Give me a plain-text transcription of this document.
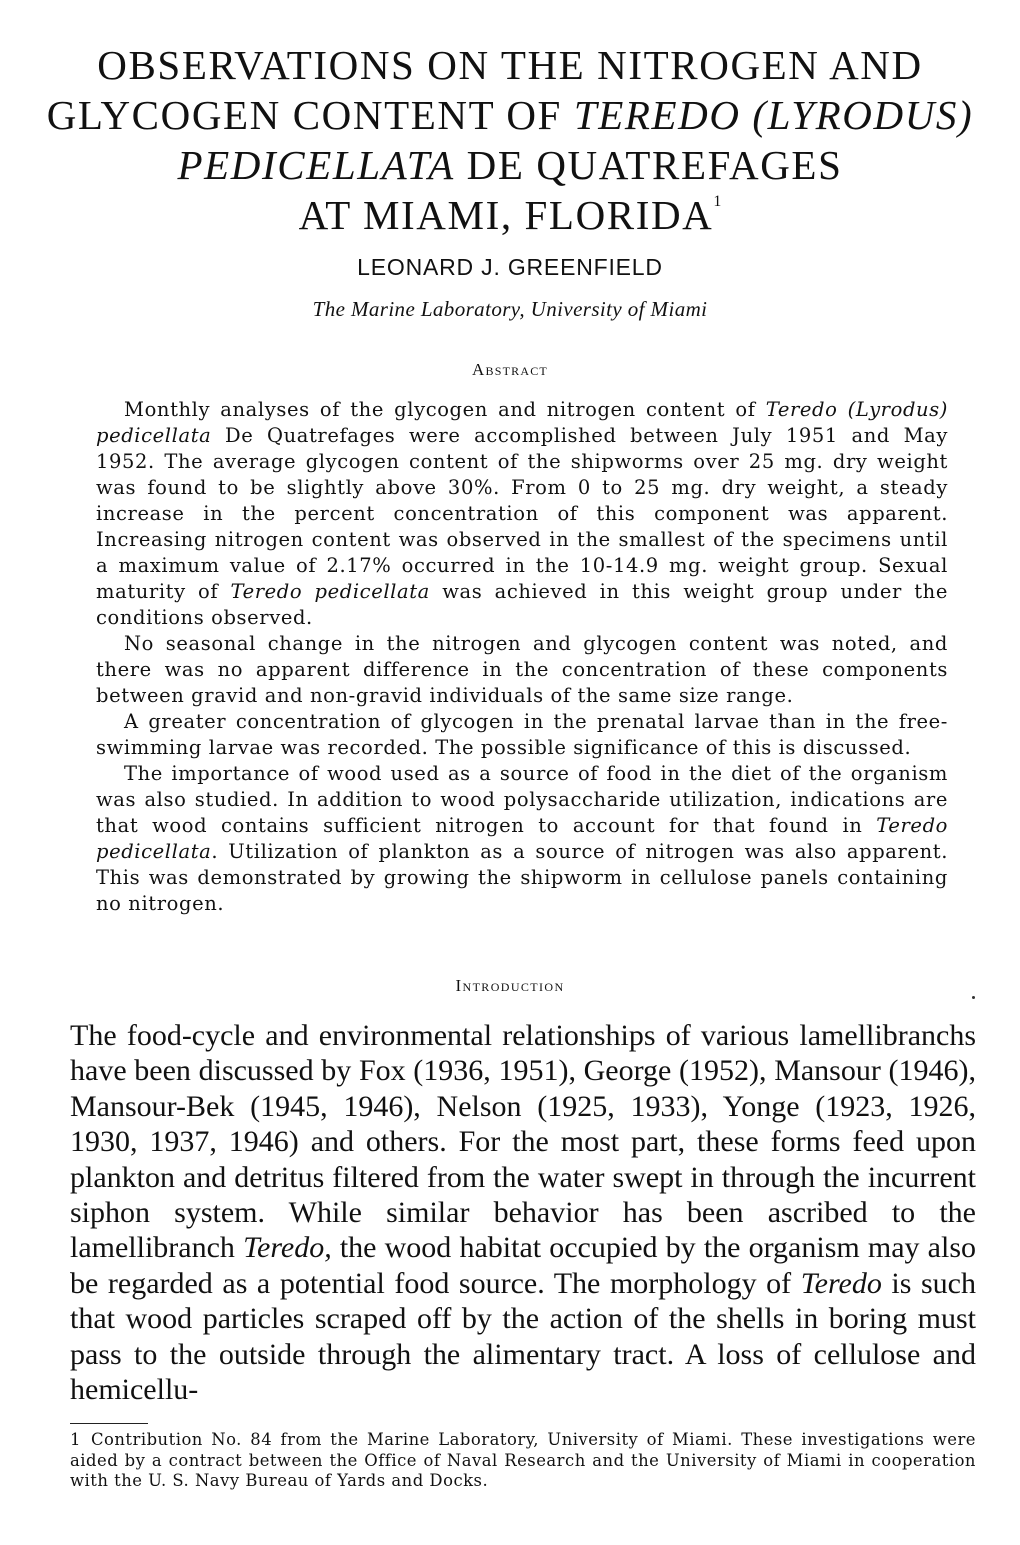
OBSERVATIONS ON THE NITROGEN AND
GLYCOGEN CONTENT OF TEREDO (LYRODUS)
PEDICELLATA DE QUATREFAGES
AT MIAMI, FLORIDA$^1$
LEONARD J. GREENFIELD
The Marine Laboratory, University of Miami
Abstract

Monthly analyses of the glycogen and nitrogen content of Teredo (Lyrodus) pedicellata De Quatrefages were accomplished between July 1951 and May 1952. The average glycogen content of the shipworms over 25 mg. dry weight was found to be slightly above 30%. From 0 to 25 mg. dry weight, a steady increase in the percent concentration of this component was apparent. Increasing nitrogen content was observed in the smallest of the specimens until a maximum value of 2.17% occurred in the 10-14.9 mg. weight group. Sexual maturity of Teredo pedicellata was achieved in this weight group under the conditions observed.

No seasonal change in the nitrogen and glycogen content was noted, and there was no apparent difference in the concentration of these components between gravid and non-gravid individuals of the same size range.

A greater concentration of glycogen in the prenatal larvae than in the free-swimming larvae was recorded. The possible significance of this is discussed.

The importance of wood used as a source of food in the diet of the organism was also studied. In addition to wood polysaccharide utilization, indications are that wood contains sufficient nitrogen to account for that found in Teredo pedicellata. Utilization of plankton as a source of nitrogen was also apparent. This was demonstrated by growing the shipworm in cellulose panels containing no nitrogen.

Introduction

The food-cycle and environmental relationships of various lamellibranchs have been discussed by Fox (1936, 1951), George (1952), Mansour (1946), Mansour-Bek (1945, 1946), Nelson (1925, 1933), Yonge (1923, 1926, 1930, 1937, 1946) and others. For the most part, these forms feed upon plankton and detritus filtered from the water swept in through the incurrent siphon system. While similar behavior has been ascribed to the lamellibranch Teredo, the wood habitat occupied by the organism may also be regarded as a potential food source. The morphology of Teredo is such that wood particles scraped off by the action of the shells in boring must pass to the outside through the alimentary tract. A loss of cellulose and hemicellu-

1 Contribution No. 84 from the Marine Laboratory, University of Miami. These investigations were aided by a contract between the Office of Naval Research and the University of Miami in cooperation with the U. S. Navy Bureau of Yards and Docks.
